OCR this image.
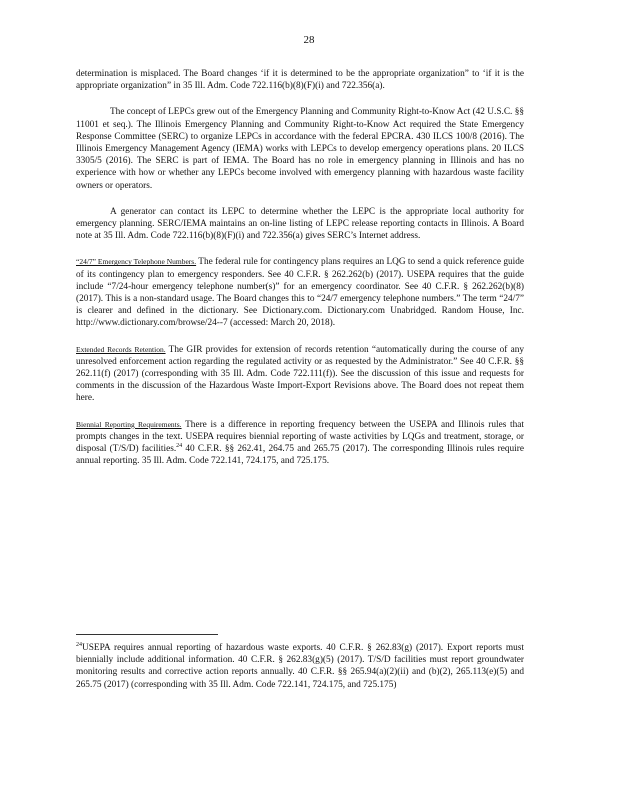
28

determination is misplaced. The Board changes ‘if it is determined to be the appropriate organization” to ‘if it is the appropriate organization” in 35 Ill. Adm. Code 722.116(b)(8)(F)(i) and 722.356(a).

The concept of LEPCs grew out of the Emergency Planning and Community Right-to-Know Act (42 U.S.C. §§ 11001 et seq.). The Illinois Emergency Planning and Community Right-to-Know Act required the State Emergency Response Committee (SERC) to organize LEPCs in accordance with the federal EPCRA. 430 ILCS 100/8 (2016). The Illinois Emergency Management Agency (IEMA) works with LEPCs to develop emergency operations plans. 20 ILCS 3305/5 (2016). The SERC is part of IEMA. The Board has no role in emergency planning in Illinois and has no experience with how or whether any LEPCs become involved with emergency planning with hazardous waste facility owners or operators.

A generator can contact its LEPC to determine whether the LEPC is the appropriate local authority for emergency planning. SERC/IEMA maintains an on-line listing of LEPC release reporting contacts in Illinois. A Board note at 35 Ill. Adm. Code 722.116(b)(8)(F)(i) and 722.356(a) gives SERC’s Internet address.

“24/7” Emergency Telephone Numbers. The federal rule for contingency plans requires an LQG to send a quick reference guide of its contingency plan to emergency responders. See 40 C.F.R. § 262.262(b) (2017). USEPA requires that the guide include “7/24-hour emergency telephone number(s)” for an emergency coordinator. See 40 C.F.R. § 262.262(b)(8) (2017). This is a non-standard usage. The Board changes this to “24/7 emergency telephone numbers.” The term “24/7” is clearer and defined in the dictionary. See Dictionary.com. Dictionary.com Unabridged. Random House, Inc. http://www.dictionary.com/browse/24--7 (accessed: March 20, 2018).

Extended Records Retention. The GIR provides for extension of records retention “automatically during the course of any unresolved enforcement action regarding the regulated activity or as requested by the Administrator.” See 40 C.F.R. §§ 262.11(f) (2017) (corresponding with 35 Ill. Adm. Code 722.111(f)). See the discussion of this issue and requests for comments in the discussion of the Hazardous Waste Import-Export Revisions above. The Board does not repeat them here.

Biennial Reporting Requirements. There is a difference in reporting frequency between the USEPA and Illinois rules that prompts changes in the text. USEPA requires biennial reporting of waste activities by LQGs and treatment, storage, or disposal (T/S/D) facilities.$^{24}$ 40 C.F.R. §§ 262.41, 264.75 and 265.75 (2017). The corresponding Illinois rules require annual reporting. 35 Ill. Adm. Code 722.141, 724.175, and 725.175.

$^{24}$USEPA requires annual reporting of hazardous waste exports. 40 C.F.R. § 262.83(g) (2017). Export reports must biennially include additional information. 40 C.F.R. § 262.83(g)(5) (2017). T/S/D facilities must report groundwater monitoring results and corrective action reports annually. 40 C.F.R. §§ 265.94(a)(2)(ii) and (b)(2), 265.113(e)(5) and 265.75 (2017) (corresponding with 35 Ill. Adm. Code 722.141, 724.175, and 725.175)
